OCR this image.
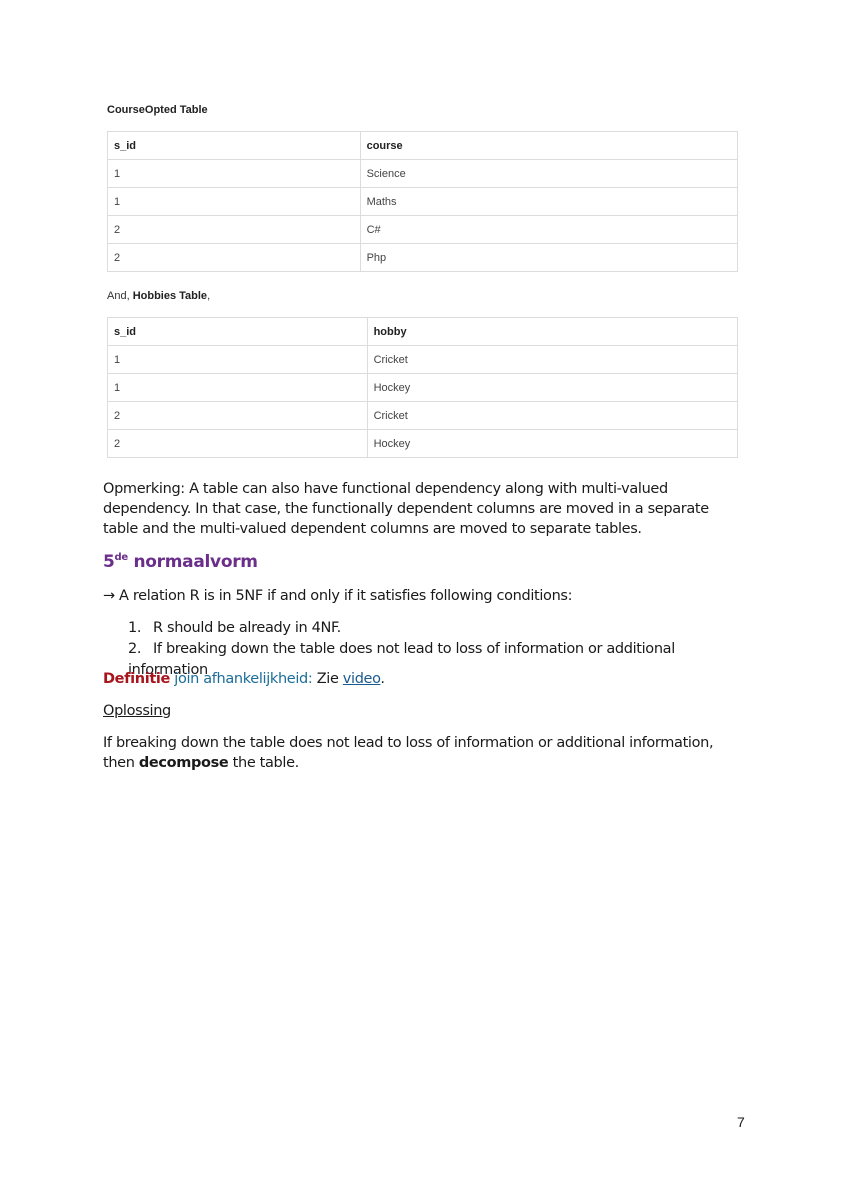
CourseOpted Table
s_id	course
1	Science
1	Maths
2	C#
2	Php
And, Hobbies Table,
s_id	hobby
1	Cricket
1	Hockey
2	Cricket
2	Hockey
Opmerking: A table can also have functional dependency along with multi-valued dependency. In that case, the functionally dependent columns are moved in a separate table and the multi-valued dependent columns are moved to separate tables.
5de normaalvorm
→ A relation R is in 5NF if and only if it satisfies following conditions:
1. R should be already in 4NF.
2. If breaking down the table does not lead to loss of information or additional information
Definitie join afhankelijkheid: Zie video.
Oplossing
If breaking down the table does not lead to loss of information or additional information, then decompose the table.
7
